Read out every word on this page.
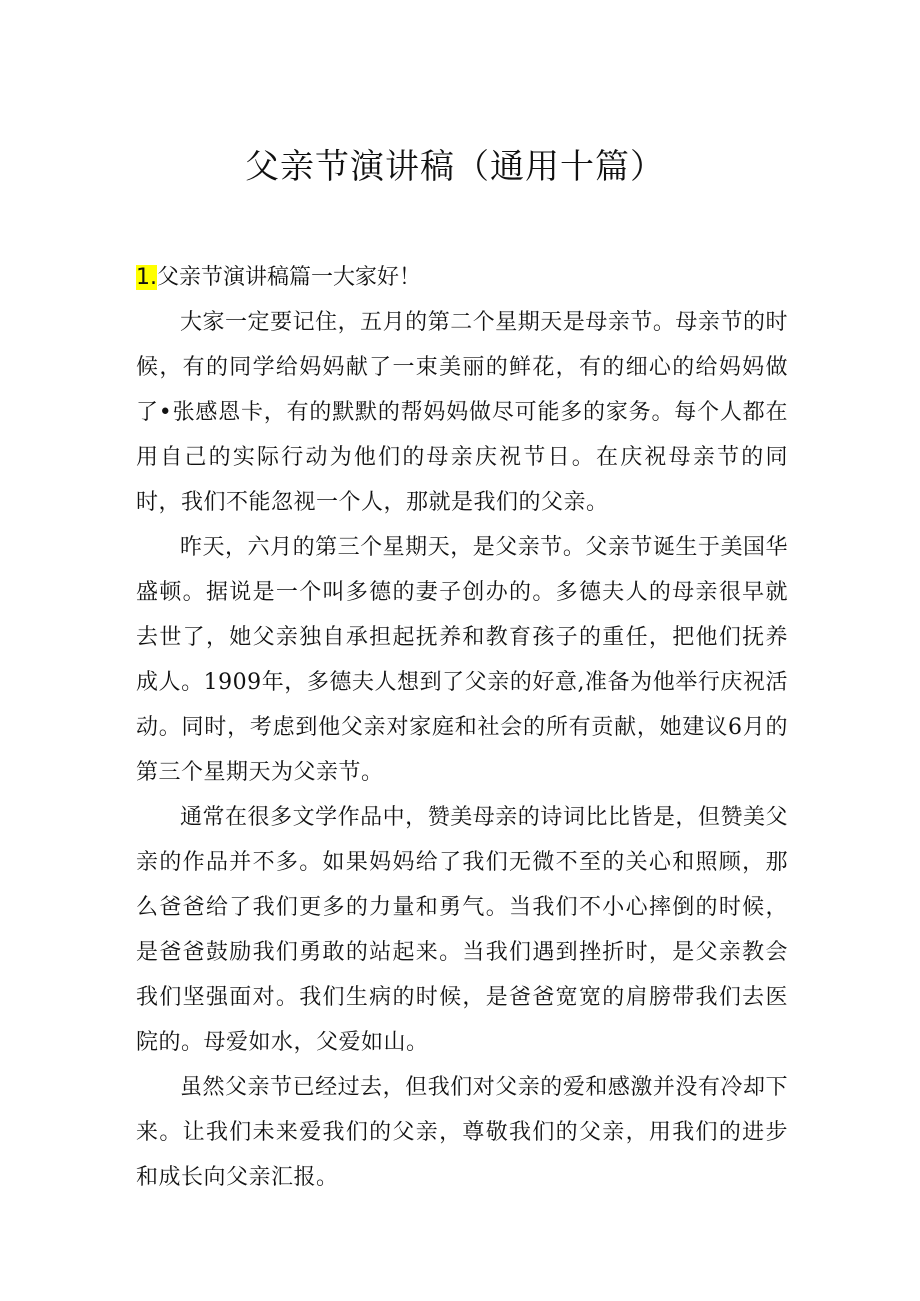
父亲节演讲稿（通用十篇）
1.父亲节演讲稿篇一大家好！

大家一定要记住，五月的第二个星期天是母亲节。母亲节的时候，有的同学给妈妈献了一束美丽的鲜花，有的细心的给妈妈做了•张感恩卡，有的默默的帮妈妈做尽可能多的家务。每个人都在用自己的实际行动为他们的母亲庆祝节日。在庆祝母亲节的同时，我们不能忽视一个人，那就是我们的父亲。

昨天，六月的第三个星期天，是父亲节。父亲节诞生于美国华盛顿。据说是一个叫多德的妻子创办的。多德夫人的母亲很早就去世了，她父亲独自承担起抚养和教育孩子的重任，把他们抚养成人。1909年，多德夫人想到了父亲的好意,准备为他举行庆祝活动。同时，考虑到他父亲对家庭和社会的所有贡献，她建议6月的第三个星期天为父亲节。

通常在很多文学作品中，赞美母亲的诗词比比皆是，但赞美父亲的作品并不多。如果妈妈给了我们无微不至的关心和照顾，那么爸爸给了我们更多的力量和勇气。当我们不小心摔倒的时候，是爸爸鼓励我们勇敢的站起来。当我们遇到挫折时，是父亲教会我们坚强面对。我们生病的时候，是爸爸宽宽的肩膀带我们去医院的。母爱如水，父爱如山。

虽然父亲节已经过去，但我们对父亲的爱和感激并没有冷却下来。让我们未来爱我们的父亲，尊敬我们的父亲，用我们的进步和成长向父亲汇报。
